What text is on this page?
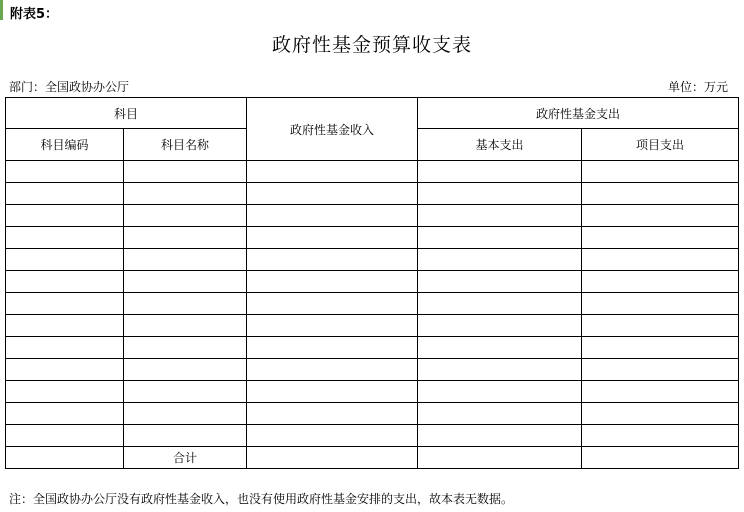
附表5：
政府性基金预算收支表
部门：全国政协办公厅	单位：万元
科目		政府性基金收入	政府性基金支出	
科目编码	科目名称		基本支出	项目支出

	合计			
注：全国政协办公厅没有政府性基金收入，也没有使用政府性基金安排的支出，故本表无数据。
